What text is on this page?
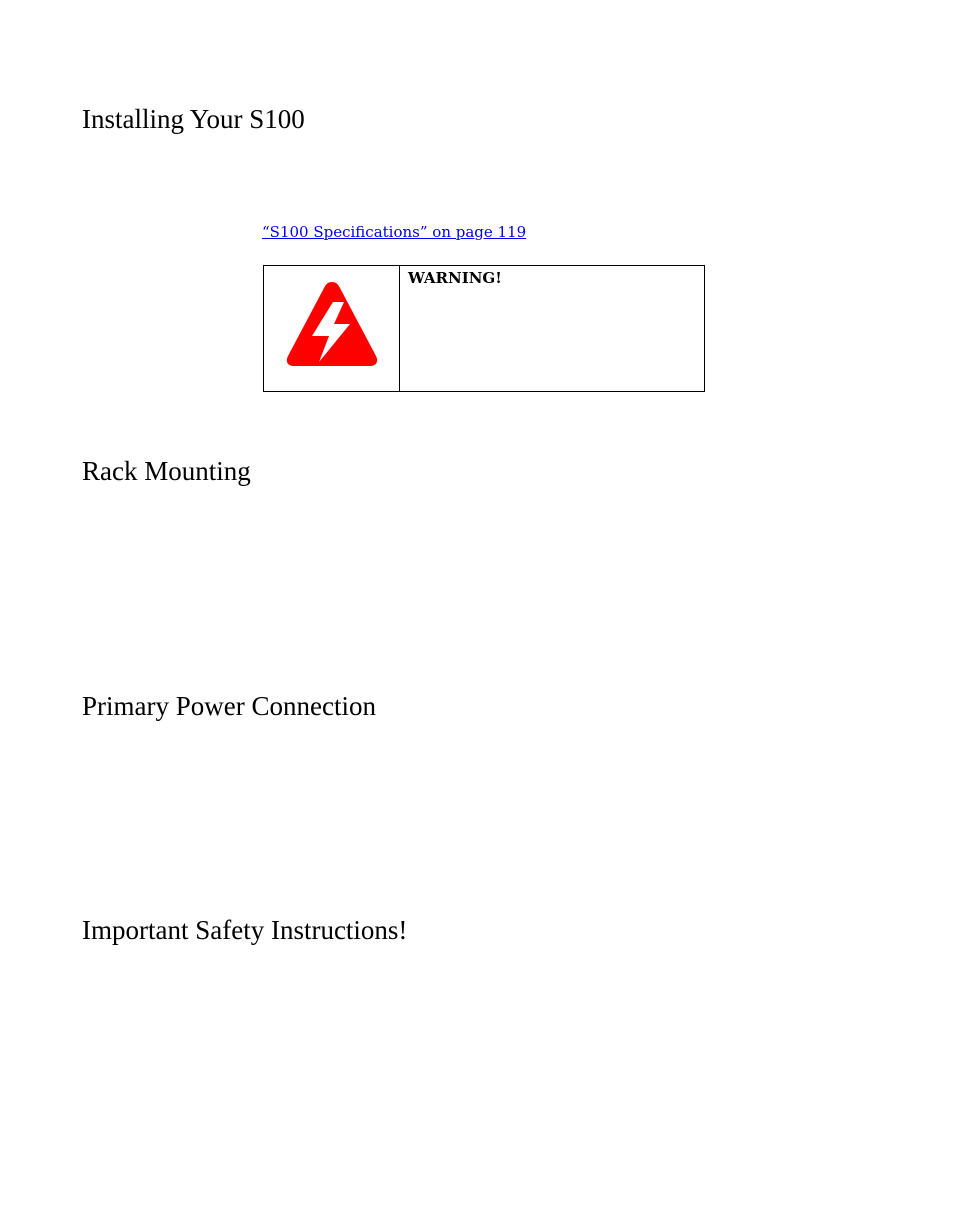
Installing Your S100
“S100 Specifications” on page 119
WARNING!
Rack Mounting
Primary Power Connection
Important Safety Instructions!
